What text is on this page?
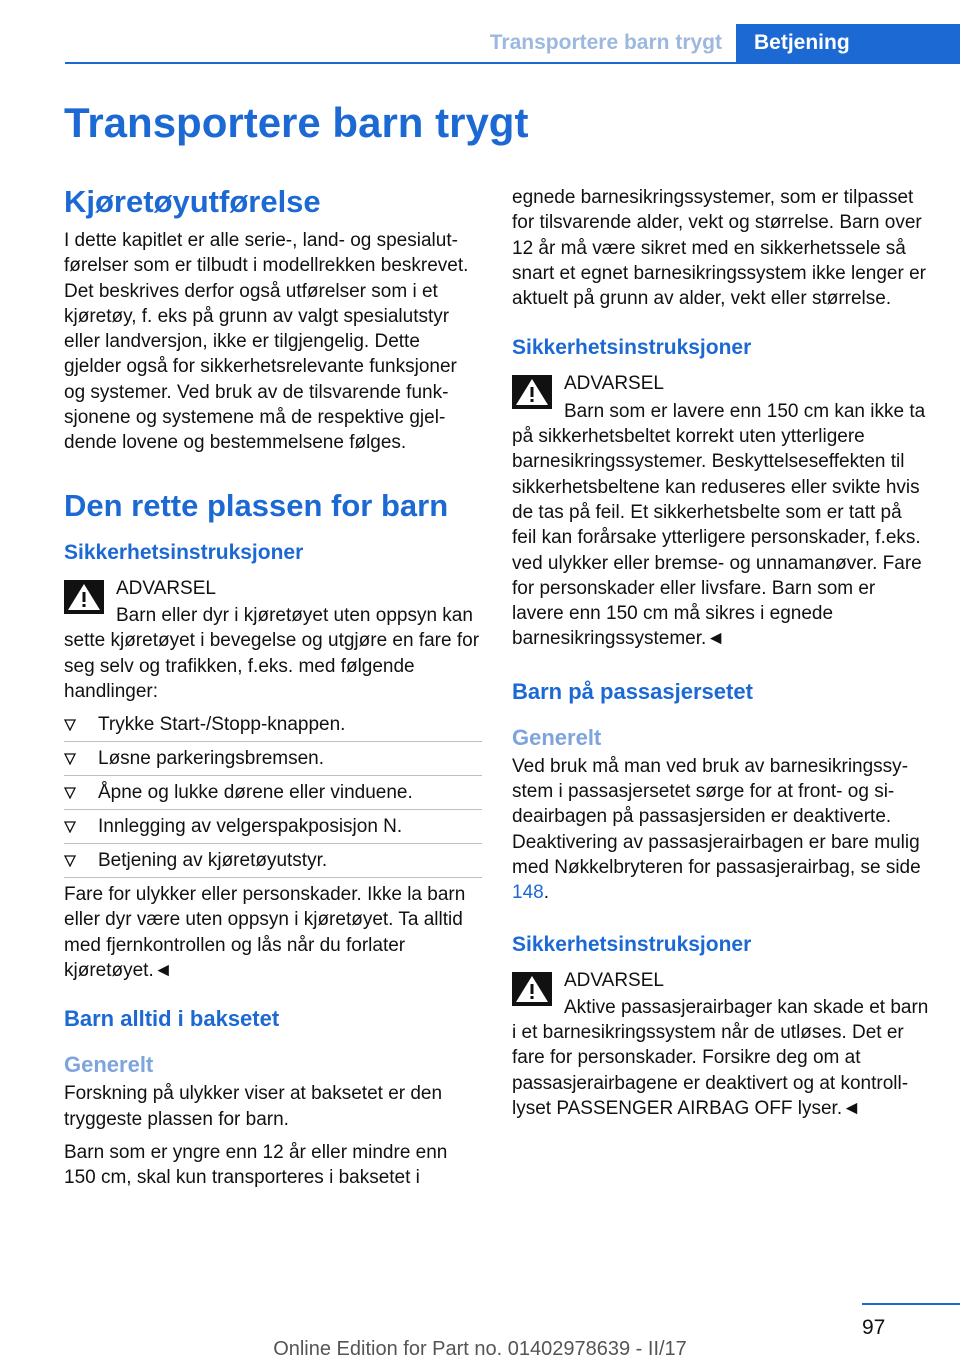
Transportere barn trygt	Betjening
Transportere barn trygt
Kjøretøyutførelse

I dette kapitlet er alle serie-, land- og spesialutførelser som er tilbudt i modellrekken beskrevet. Det beskrives derfor også utførelser som i et kjøretøy, f. eks på grunn av valgt spesialutstyr eller landversjon, ikke er tilgjengelig. Dette gjelder også for sikkerhetsrelevante funksjoner og systemer. Ved bruk av de tilsvarende funksjonene og systemene må de respektive gjeldende lovene og bestemmelsene følges.

Den rette plassen for barn
Sikkerhetsinstruksjoner
ADVARSEL

Barn eller dyr i kjøretøyet uten oppsyn kan sette kjøretøyet i bevegelse og utgjøre en fare for seg selv og trafikken, f.eks. med følgende handlinger:

Trykke Start-/Stopp-knappen.
Løsne parkeringsbremsen.
Åpne og lukke dørene eller vinduene.
Innlegging av velgerspakposisjon N.
Betjening av kjøretøyutstyr.

Fare for ulykker eller personskader. Ikke la barn eller dyr være uten oppsyn i kjøretøyet. Ta alltid med fjernkontrollen og lås når du forlater kjøretøyet.◄

Barn alltid i baksetet
Generelt

Forskning på ulykker viser at baksetet er den tryggeste plassen for barn.

Barn som er yngre enn 12 år eller mindre enn 150 cm, skal kun transporteres i baksetet i

egnede barnesikringssystemer, som er tilpasset for tilsvarende alder, vekt og størrelse. Barn over 12 år må være sikret med en sikkerhetssele så snart et egnet barnesikringssystem ikke lenger er aktuelt på grunn av alder, vekt eller størrelse.

Sikkerhetsinstruksjoner
ADVARSEL

Barn som er lavere enn 150 cm kan ikke ta på sikkerhetsbeltet korrekt uten ytterligere barnesikringssystemer. Beskyttelseseffekten til sikkerhetsbeltene kan reduseres eller svikte hvis de tas på feil. Et sikkerhetsbelte som er tatt på feil kan forårsake ytterligere personskader, f.eks. ved ulykker eller bremse- og unnamanøver. Fare for personskader eller livsfare. Barn som er lavere enn 150 cm må sikres i egnede barnesikringssystemer.◄

Barn på passasjersetet
Generelt

Ved bruk må man ved bruk av barnesikringssystem i passasjersetet sørge for at front- og sideairbagen på passasjersiden er deaktiverte. Deaktivering av passasjerairbagen er bare mulig med Nøkkelbryteren for passasjerairbag, se side 148.

Sikkerhetsinstruksjoner
ADVARSEL

Aktive passasjerairbager kan skade et barn i et barnesikringssystem når de utløses. Det er fare for personskader. Forsikre deg om at passasjerairbagene er deaktivert og at kontroll-lyset PASSENGER AIRBAG OFF lyser.◄

97
Online Edition for Part no. 01402978639 - II/17
